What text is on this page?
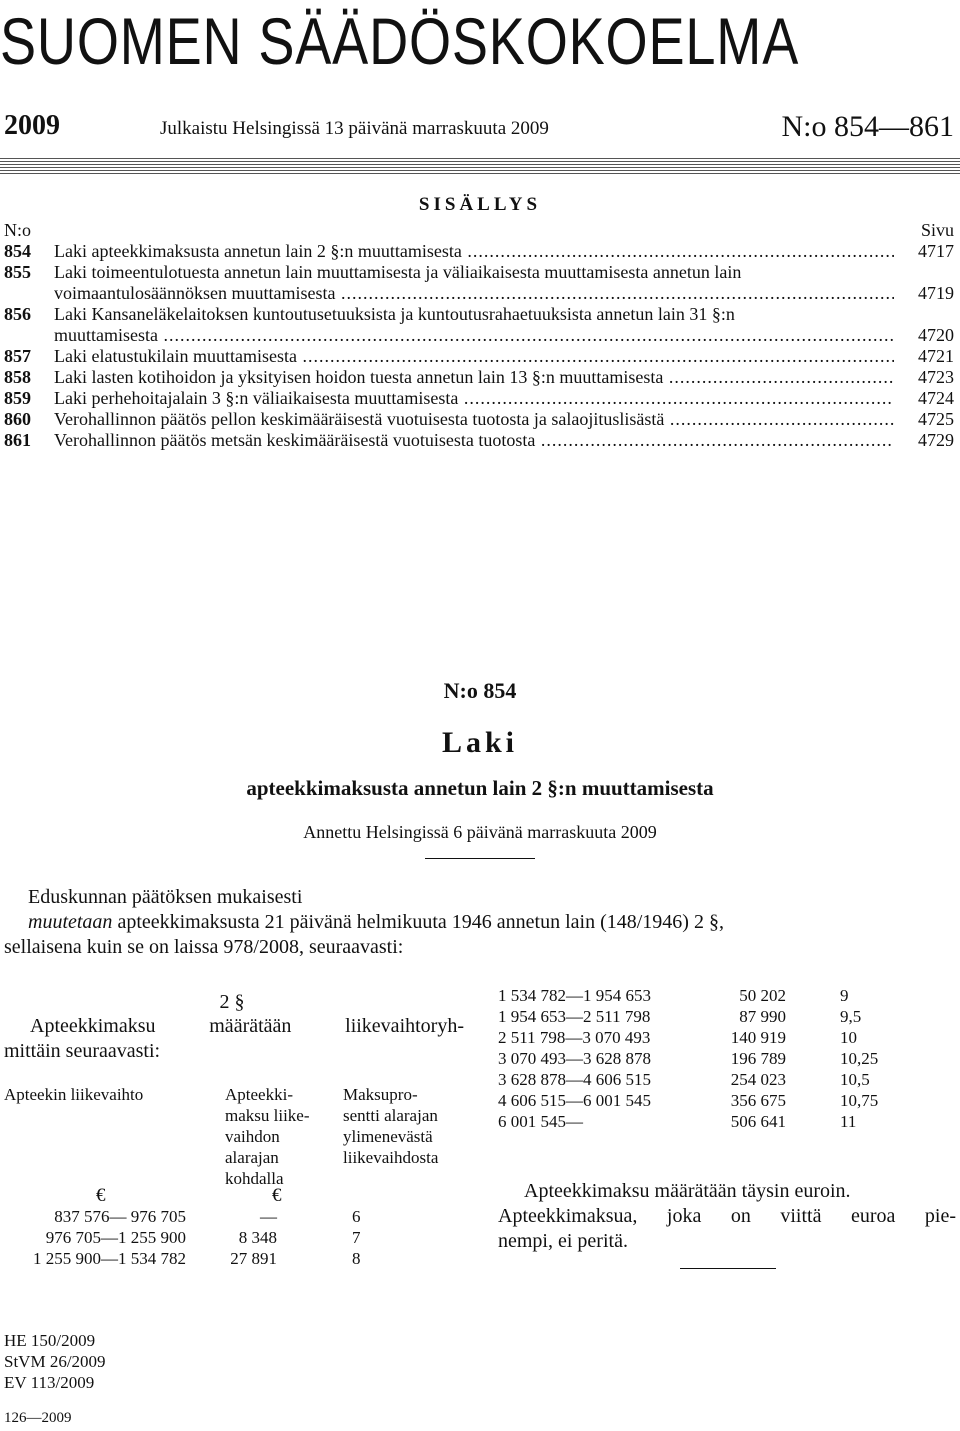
SUOMEN SÄÄDÖSKOKOELMA
2009	Julkaistu Helsingissä 13 päivänä marraskuuta 2009	N:o 854—861
SISÄLLYS
N:o	Sivu
854 Laki apteekkimaksusta annetun lain 2 §:n muuttamisesta .....	4717
855 Laki toimeentulotuesta annetun lain muuttamisesta ja väliaikaisesta muuttamisesta annetun lain
voimaantulosäännöksen muuttamisesta .....	4719
856 Laki Kansaneläkelaitoksen kuntoutusetuuksista ja kuntoutusrahaetuuksista annetun lain 31 §:n
muuttamisesta .....	4720
857 Laki elatustukilain muuttamisesta .....	4721
858 Laki lasten kotihoidon ja yksityisen hoidon tuesta annetun lain 13 §:n muuttamisesta .....	4723
859 Laki perhehoitajalain 3 §:n väliaikaisesta muuttamisesta .....	4724
860 Verohallinnon päätös pellon keskimääräisestä vuotuisesta tuotosta ja salaojituslisästä .....	4725
861 Verohallinnon päätös metsän keskimääräisestä vuotuisesta tuotosta .....	4729
N:o 854
Laki
apteekkimaksusta annetun lain 2 §:n muuttamisesta
Annettu Helsingissä 6 päivänä marraskuuta 2009
Eduskunnan päätöksen mukaisesti
muutetaan apteekkimaksusta 21 päivänä helmikuuta 1946 annetun lain (148/1946) 2 §,
sellaisena kuin se on laissa 978/2008, seuraavasti:
2 §
Apteekkimaksu määrätään liikevaihtoryh-
mittäin seuraavasti:
Apteekin liikevaihto	Apteekki-
maksu liike-
vaihdon
alarajan
kohdalla
Maksupro-
sentti alarajan
ylimenevästä
liikevaihdosta
€	€
837 576— 976 705	—	6
976 705—1 255 900	8 348	7
1 255 900—1 534 782	27 891	8
1 534 782—1 954 653	50 202	9
1 954 653—2 511 798	87 990	9,5
2 511 798—3 070 493	140 919	10
3 070 493—3 628 878	196 789	10,25
3 628 878—4 606 515	254 023	10,5
4 606 515—6 001 545	356 675	10,75
6 001 545—	506 641	11
Apteekkimaksu määrätään täysin euroin.
Apteekkimaksua, joka on viittä euroa pie-
nempi, ei peritä.
HE 150/2009
StVM 26/2009
EV 113/2009
126—2009
